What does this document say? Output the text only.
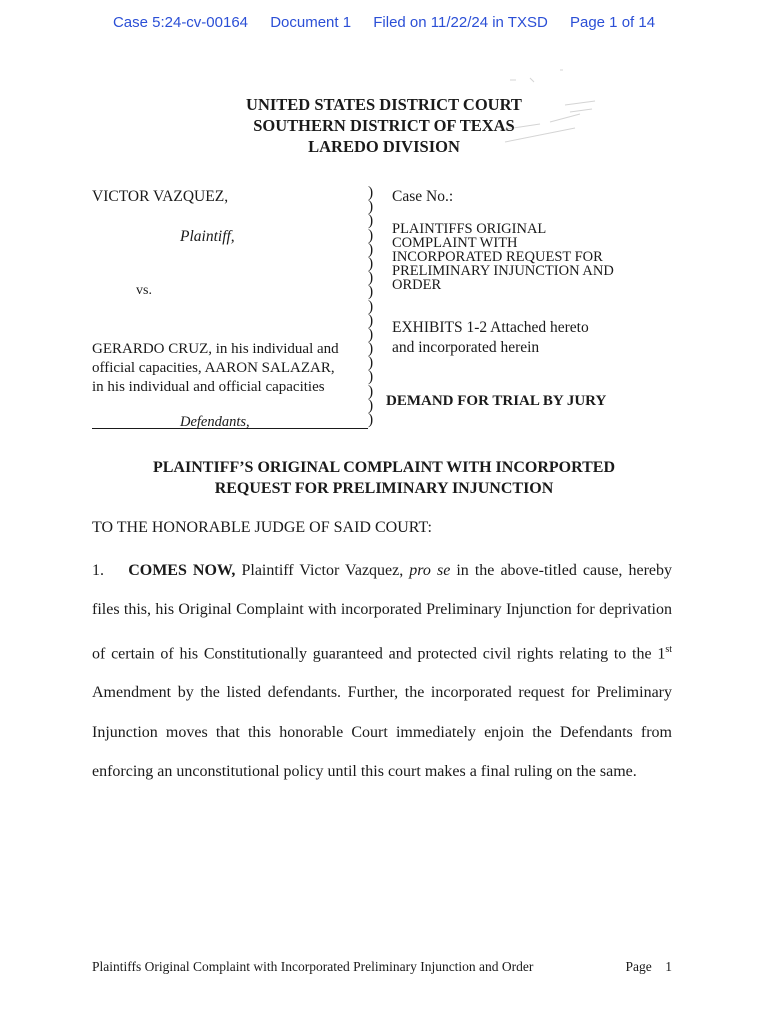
Case 5:24-cv-00164 Document 1 Filed on 11/22/24 in TXSD Page 1 of 14
UNITED STATES DISTRICT COURT
SOUTHERN DISTRICT OF TEXAS
LAREDO DIVISION
VICTOR VAZQUEZ,
Plaintiff,
vs.
GERARDO CRUZ, in his individual and
official capacities, AARON SALAZAR,
in his individual and official capacities
Defendants,
)
)
)
)
)
)
)
)
)
)
)
)
)
)
)
)
)
Case No.:
PLAINTIFFS ORIGINAL
COMPLAINT WITH
INCORPORATED REQUEST FOR
PRELIMINARY INJUNCTION AND
ORDER
EXHIBITS 1-2 Attached hereto
and incorporated herein
DEMAND FOR TRIAL BY JURY
PLAINTIFF’S ORIGINAL COMPLAINT WITH INCORPORTED
REQUEST FOR PRELIMINARY INJUNCTION
TO THE HONORABLE JUDGE OF SAID COURT:
1. COMES NOW, Plaintiff Victor Vazquez, pro se in the above-titled cause, hereby files this, his Original Complaint with incorporated Preliminary Injunction for deprivation of certain of his Constitutionally guaranteed and protected civil rights relating to the 1st Amendment by the listed defendants. Further, the incorporated request for Preliminary Injunction moves that this honorable Court immediately enjoin the Defendants from enforcing an unconstitutional policy until this court makes a final ruling on the same.
Plaintiffs Original Complaint with Incorporated Preliminary Injunction and Order	Page 1
